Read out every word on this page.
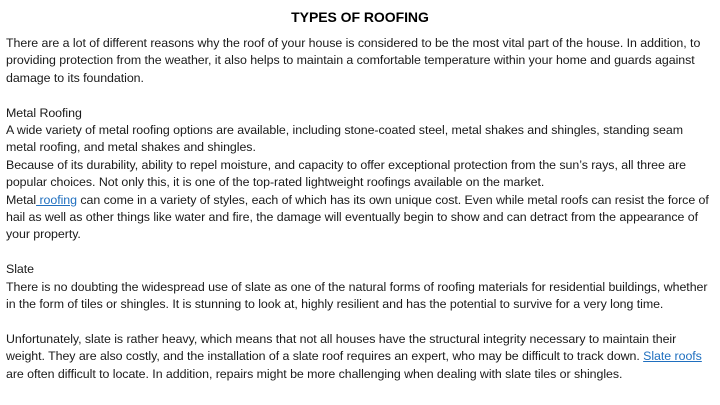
TYPES OF ROOFING

There are a lot of different reasons why the roof of your house is considered to be the most vital part of the house. In addition, to providing protection from the weather, it also helps to maintain a comfortable temperature within your home and guards against damage to its foundation.

Metal Roofing

A wide variety of metal roofing options are available, including stone-coated steel, metal shakes and shingles, standing seam metal roofing, and metal shakes and shingles.

Because of its durability, ability to repel moisture, and capacity to offer exceptional protection from the sun’s rays, all three are popular choices. Not only this, it is one of the top-rated lightweight roofings available on the market.

Metal roofing can come in a variety of styles, each of which has its own unique cost. Even while metal roofs can resist the force of hail as well as other things like water and fire, the damage will eventually begin to show and can detract from the appearance of your property.

Slate

There is no doubting the widespread use of slate as one of the natural forms of roofing materials for residential buildings, whether in the form of tiles or shingles. It is stunning to look at, highly resilient and has the potential to survive for a very long time.

Unfortunately, slate is rather heavy, which means that not all houses have the structural integrity necessary to maintain their weight. They are also costly, and the installation of a slate roof requires an expert, who may be difficult to track down. Slate roofs are often difficult to locate. In addition, repairs might be more challenging when dealing with slate tiles or shingles.
